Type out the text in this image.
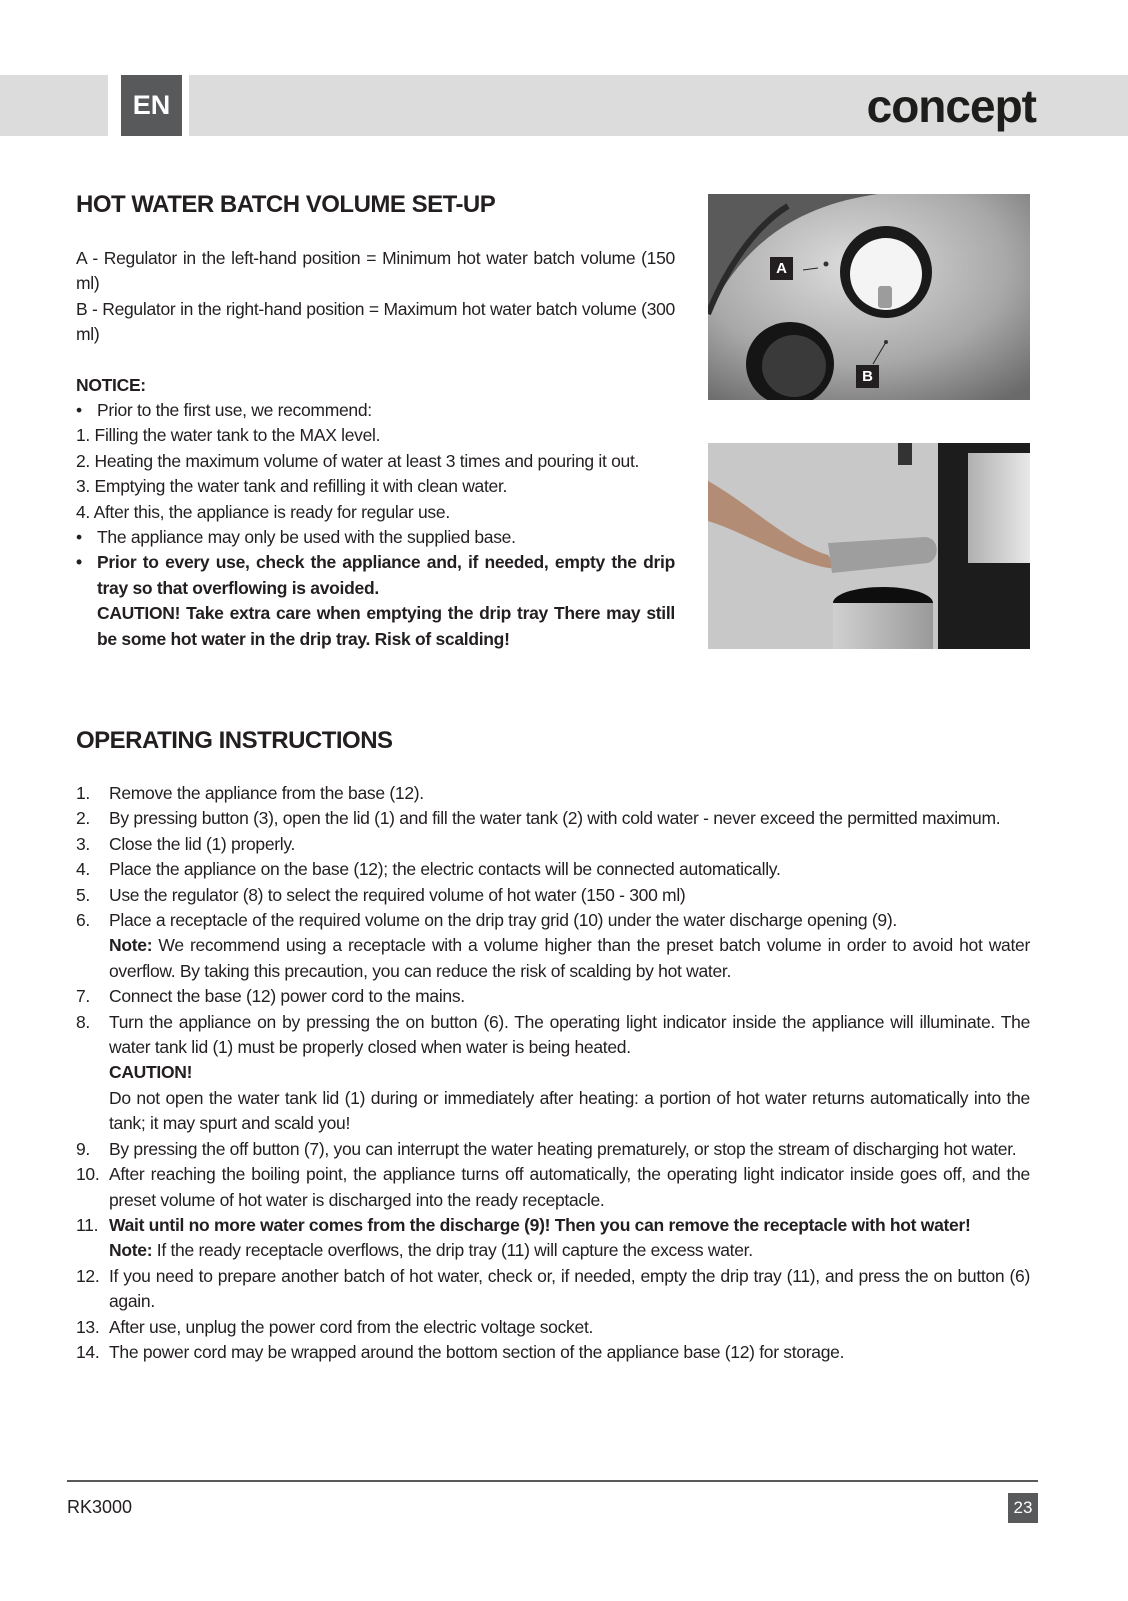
EN	concept
HOT WATER BATCH VOLUME SET-UP
A - Regulator in the left-hand position = Minimum hot water batch volume (150 ml)
B - Regulator in the right-hand position = Maximum hot water batch volume (300 ml)
NOTICE:
• Prior to the first use, we recommend:
1. Filling the water tank to the MAX level.
2. Heating the maximum volume of water at least 3 times and pouring it out.
3. Emptying the water tank and refilling it with clean water.
4. After this, the appliance is ready for regular use.
• The appliance may only be used with the supplied base.
• Prior to every use, check the appliance and, if needed, empty the drip tray so that overflowing is avoided.
CAUTION! Take extra care when emptying the drip tray There may still be some hot water in the drip tray. Risk of scalding!
A
B
OPERATING INSTRUCTIONS
1.	Remove the appliance from the base (12).
2.	By pressing button (3), open the lid (1) and fill the water tank (2) with cold water - never exceed the permitted maximum.
3.	Close the lid (1) properly.
4.	Place the appliance on the base (12); the electric contacts will be connected automatically.
5.	Use the regulator (8) to select the required volume of hot water (150 - 300 ml)
6.	Place a receptacle of the required volume on the drip tray grid (10) under the water discharge opening (9).
Note: We recommend using a receptacle with a volume higher than the preset batch volume in order to avoid hot water overflow. By taking this precaution, you can reduce the risk of scalding by hot water.
7.	Connect the base (12) power cord to the mains.
8.	Turn the appliance on by pressing the on button (6). The operating light indicator inside the appliance will illuminate. The water tank lid (1) must be properly closed when water is being heated.
CAUTION!
Do not open the water tank lid (1) during or immediately after heating: a portion of hot water returns automatically into the tank; it may spurt and scald you!
9.	By pressing the off button (7), you can interrupt the water heating prematurely, or stop the stream of discharging hot water.
10. After reaching the boiling point, the appliance turns off automatically, the operating light indicator inside goes off, and the preset volume of hot water is discharged into the ready receptacle.
11. Wait until no more water comes from the discharge (9)! Then you can remove the receptacle with hot water!
Note: If the ready receptacle overflows, the drip tray (11) will capture the excess water.
12. If you need to prepare another batch of hot water, check or, if needed, empty the drip tray (11), and press the on button (6) again.
13. After use, unplug the power cord from the electric voltage socket.
14. The power cord may be wrapped around the bottom section of the appliance base (12) for storage.
RK3000	23
